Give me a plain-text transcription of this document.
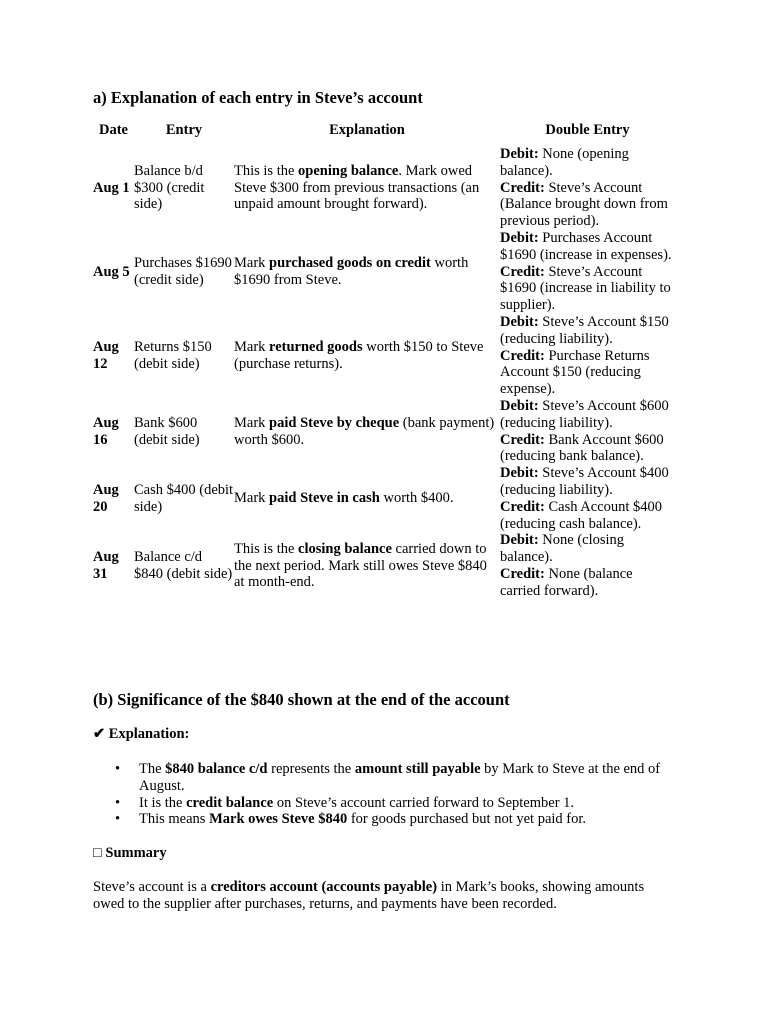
a) Explanation of each entry in Steve’s account
Date	Entry	Explanation	Double Entry
Aug 1	Balance b/d $300 (credit side)	This is the opening balance. Mark owed Steve $300 from previous transactions (an unpaid amount brought forward).	Debit: None (opening balance).
Credit: Steve’s Account (Balance brought down from previous period).
Aug 5	Purchases $1690 (credit side)	Mark purchased goods on credit worth $1690 from Steve.	Debit: Purchases Account $1690 (increase in expenses).
Credit: Steve’s Account $1690 (increase in liability to supplier).
Aug 12	Returns $150 (debit side)	Mark returned goods worth $150 to Steve (purchase returns).	Debit: Steve’s Account $150 (reducing liability).
Credit: Purchase Returns Account $150 (reducing expense).
Aug 16	Bank $600 (debit side)	Mark paid Steve by cheque (bank payment) worth $600.	Debit: Steve’s Account $600 (reducing liability).
Credit: Bank Account $600 (reducing bank balance).
Aug 20	Cash $400 (debit side)	Mark paid Steve in cash worth $400.	Debit: Steve’s Account $400 (reducing liability).
Credit: Cash Account $400 (reducing cash balance).
Aug 31	Balance c/d $840 (debit side)	This is the closing balance carried down to the next period. Mark still owes Steve $840 at month-end.	Debit: None (closing balance).
Credit: None (balance carried forward).
(b) Significance of the $840 shown at the end of the account
✔ Explanation:
• The $840 balance c/d represents the amount still payable by Mark to Steve at the end of August.
• It is the credit balance on Steve’s account carried forward to September 1.
• This means Mark owes Steve $840 for goods purchased but not yet paid for.
□ Summary
Steve’s account is a creditors account (accounts payable) in Mark’s books, showing amounts owed to the supplier after purchases, returns, and payments have been recorded.
